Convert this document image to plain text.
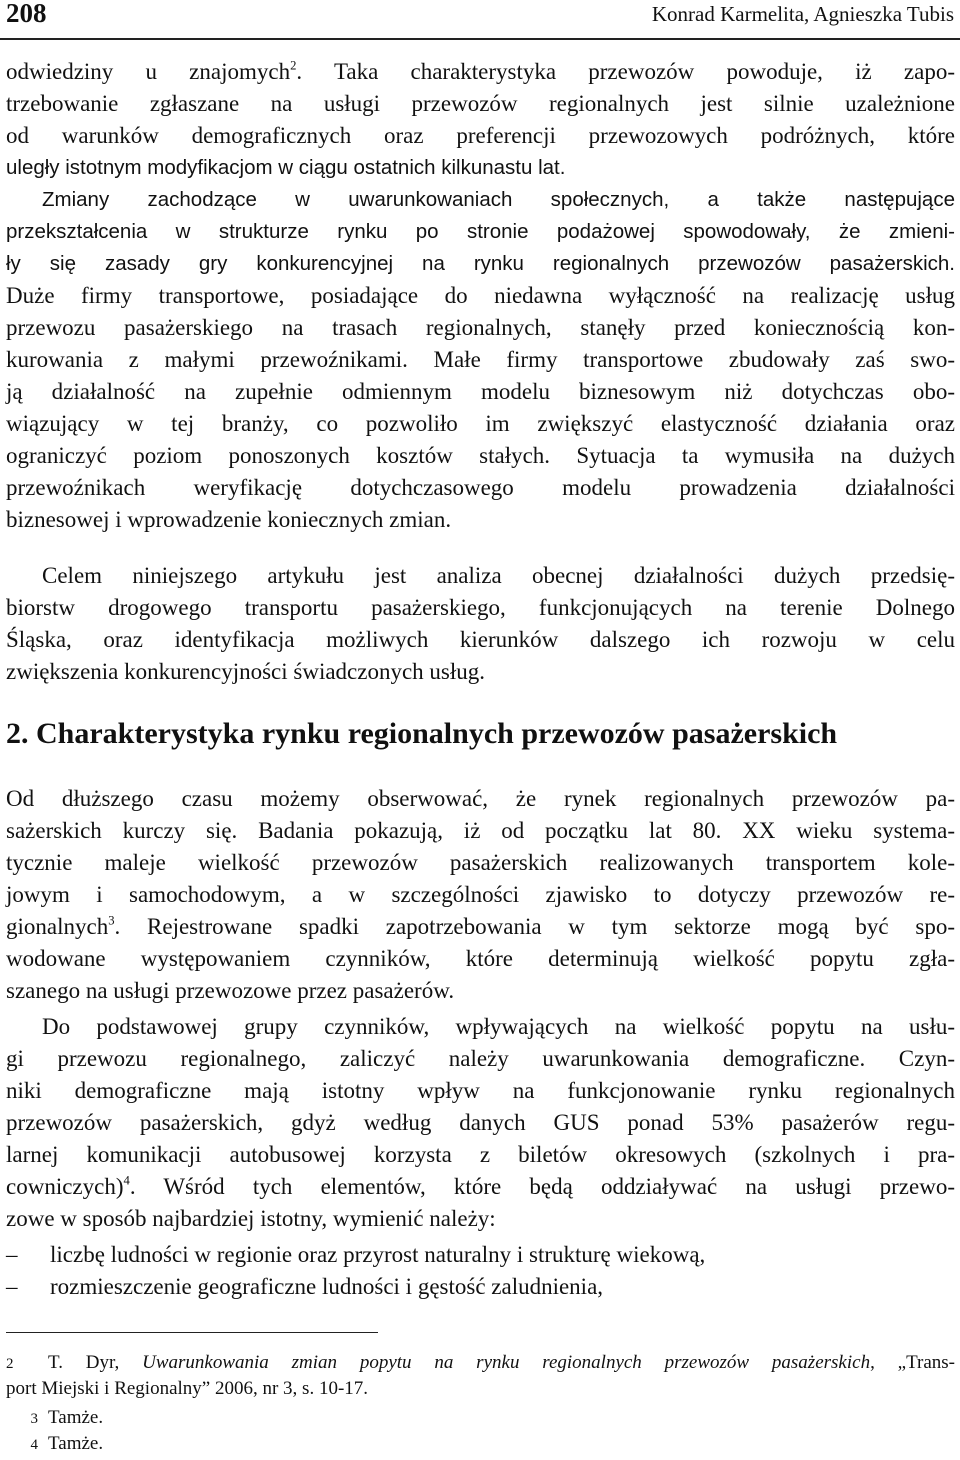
208	Konrad Karmelita, Agnieszka Tubis
odwiedziny u znajomych$^2$. Taka charakterystyka przewozów powoduje, iż zapo-
trzebowanie zgłaszane na usługi przewozów regionalnych jest silnie uzależnione
od warunków demograficznych oraz preferencji przewozowych podróżnych, które
uległy istotnym modyfikacjom w ciągu ostatnich kilkunastu lat.
Zmiany zachodzące w uwarunkowaniach społecznych, a także następujące
przekształcenia w strukturze rynku po stronie podażowej spowodowały, że zmieni-
ły się zasady gry konkurencyjnej na rynku regionalnych przewozów pasażerskich.
Duże firmy transportowe, posiadające do niedawna wyłączność na realizację usług
przewozu pasażerskiego na trasach regionalnych, stanęły przed koniecznością kon-
kurowania z małymi przewoźnikami. Małe firmy transportowe zbudowały zaś swo-
ją działalność na zupełnie odmiennym modelu biznesowym niż dotychczas obo-
wiązujący w tej branży, co pozwoliło im zwiększyć elastyczność działania oraz
ograniczyć poziom ponoszonych kosztów stałych. Sytuacja ta wymusiła na dużych
przewoźnikach weryfikację dotychczasowego modelu prowadzenia działalności
biznesowej i wprowadzenie koniecznych zmian.
Celem niniejszego artykułu jest analiza obecnej działalności dużych przedsię-
biorstw drogowego transportu pasażerskiego, funkcjonujących na terenie Dolnego
Śląska, oraz identyfikacja możliwych kierunków dalszego ich rozwoju w celu
zwiększenia konkurencyjności świadczonych usług.
2. Charakterystyka rynku regionalnych przewozów pasażerskich
Od dłuższego czasu możemy obserwować, że rynek regionalnych przewozów pa-
sażerskich kurczy się. Badania pokazują, iż od początku lat 80. XX wieku systema-
tycznie maleje wielkość przewozów pasażerskich realizowanych transportem kole-
jowym i samochodowym, a w szczególności zjawisko to dotyczy przewozów re-
gionalnych$^3$. Rejestrowane spadki zapotrzebowania w tym sektorze mogą być spo-
wodowane występowaniem czynników, które determinują wielkość popytu zgła-
szanego na usługi przewozowe przez pasażerów.
Do podstawowej grupy czynników, wpływających na wielkość popytu na usłu-
gi przewozu regionalnego, zaliczyć należy uwarunkowania demograficzne. Czyn-
niki demograficzne mają istotny wpływ na funkcjonowanie rynku regionalnych
przewozów pasażerskich, gdyż według danych GUS ponad 53% pasażerów regu-
larnej komunikacji autobusowej korzysta z biletów okresowych (szkolnych i pra-
cowniczych)$^4$. Wśród tych elementów, które będą oddziaływać na usługi przewo-
zowe w sposób najbardziej istotny, wymienić należy:
–	liczbę ludności w regionie oraz przyrost naturalny i strukturę wiekową,
–	rozmieszczenie geograficzne ludności i gęstość zaludnienia,
2 T. Dyr, Uwarunkowania zmian popytu na rynku regionalnych przewozów pasażerskich, „Trans-
port Miejski i Regionalny” 2006, nr 3, s. 10-17.
3 Tamże.
4 Tamże.
